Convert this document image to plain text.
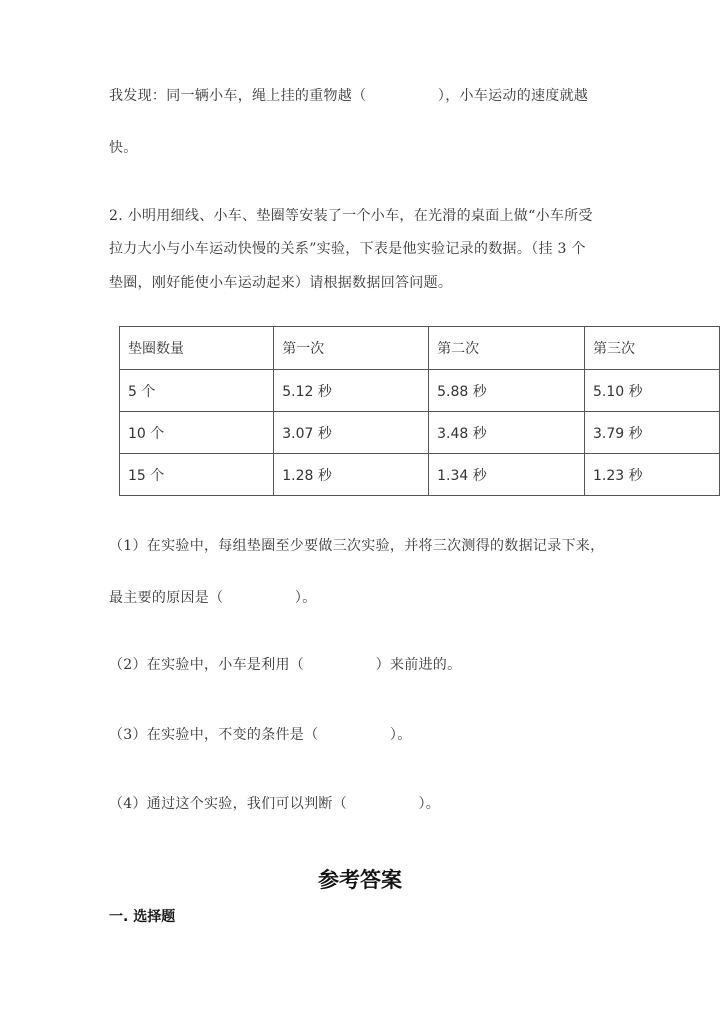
我发现：同一辆小车，绳上挂的重物越（　　　　　），小车运动的速度就越
快。
2. 小明用细线、小车、垫圈等安装了一个小车，在光滑的桌面上做“小车所受
拉力大小与小车运动快慢的关系”实验，下表是他实验记录的数据。（挂 3 个
垫圈，刚好能使小车运动起来）请根据数据回答问题。
垫圈数量	第一次	第二次	第三次
5 个	5.12 秒	5.88 秒	5.10 秒
10 个	3.07 秒	3.48 秒	3.79 秒
15 个	1.28 秒	1.34 秒	1.23 秒
（1）在实验中，每组垫圈至少要做三次实验，并将三次测得的数据记录下来，
最主要的原因是（　　　　　）。
（2）在实验中，小车是利用（　　　　　）来前进的。
（3）在实验中，不变的条件是（　　　　　）。
（4）通过这个实验，我们可以判断（　　　　　）。
参考答案
一. 选择题
